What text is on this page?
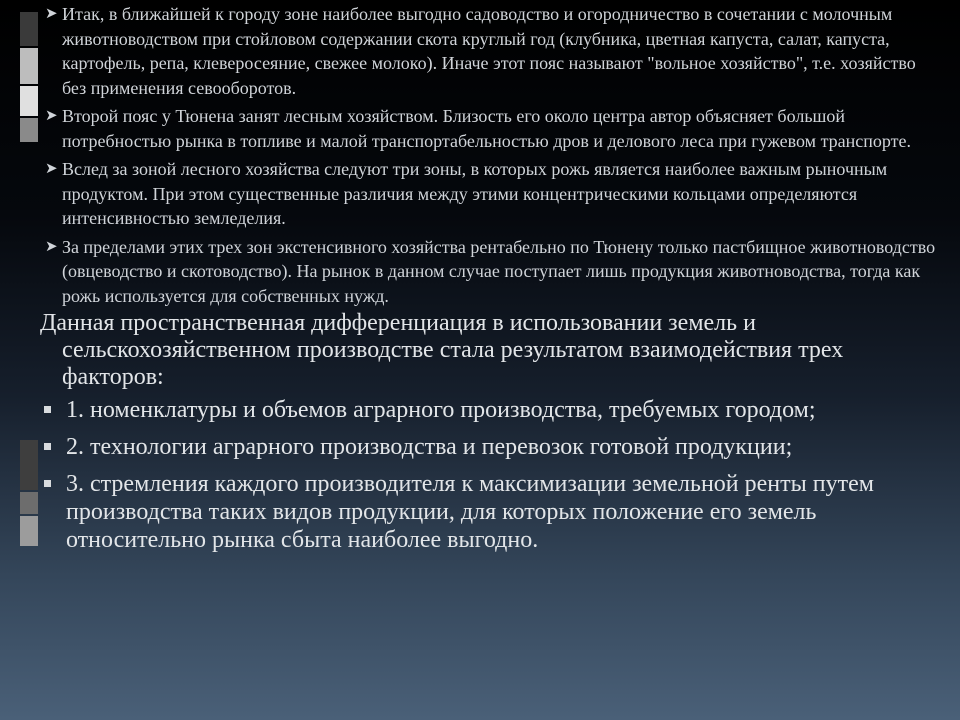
➤ Итак, в ближайшей к городу зоне наиболее выгодно садоводство и огородничество в сочетании с молочным животноводством при стойловом содержании скота круглый год (клубника, цветная капуста, салат, капуста, картофель, репа, клеверосеяние, свежее молоко). Иначе этот пояс называют "вольное хозяйство", т.е. хозяйство без применения севооборотов.
➤ Второй пояс у Тюнена занят лесным хозяйством. Близость его около центра автор объясняет большой потребностью рынка в топливе и малой транспортабельностью дров и делового леса при гужевом транспорте.
➤ Вслед за зоной лесного хозяйства следуют три зоны, в которых рожь является наиболее важным рыночным продуктом. При этом существенные различия между этими концентрическими кольцами определяются интенсивностью земледелия.
➤ За пределами этих трех зон экстенсивного хозяйства рентабельно по Тюнену только пастбищное животноводство (овцеводство и скотоводство). На рынок в данном случае поступает лишь продукция животноводства, тогда как рожь используется для собственных нужд.
Данная пространственная дифференциация в использовании земель и сельскохозяйственном производстве стала результатом взаимодействия трех факторов:
1. номенклатуры и объемов аграрного производства, требуемых городом;
2. технологии аграрного производства и перевозок готовой продукции;
3. стремления каждого производителя к максимизации земельной ренты путем производства таких видов продукции, для которых положение его земель относительно рынка сбыта наиболее выгодно.
